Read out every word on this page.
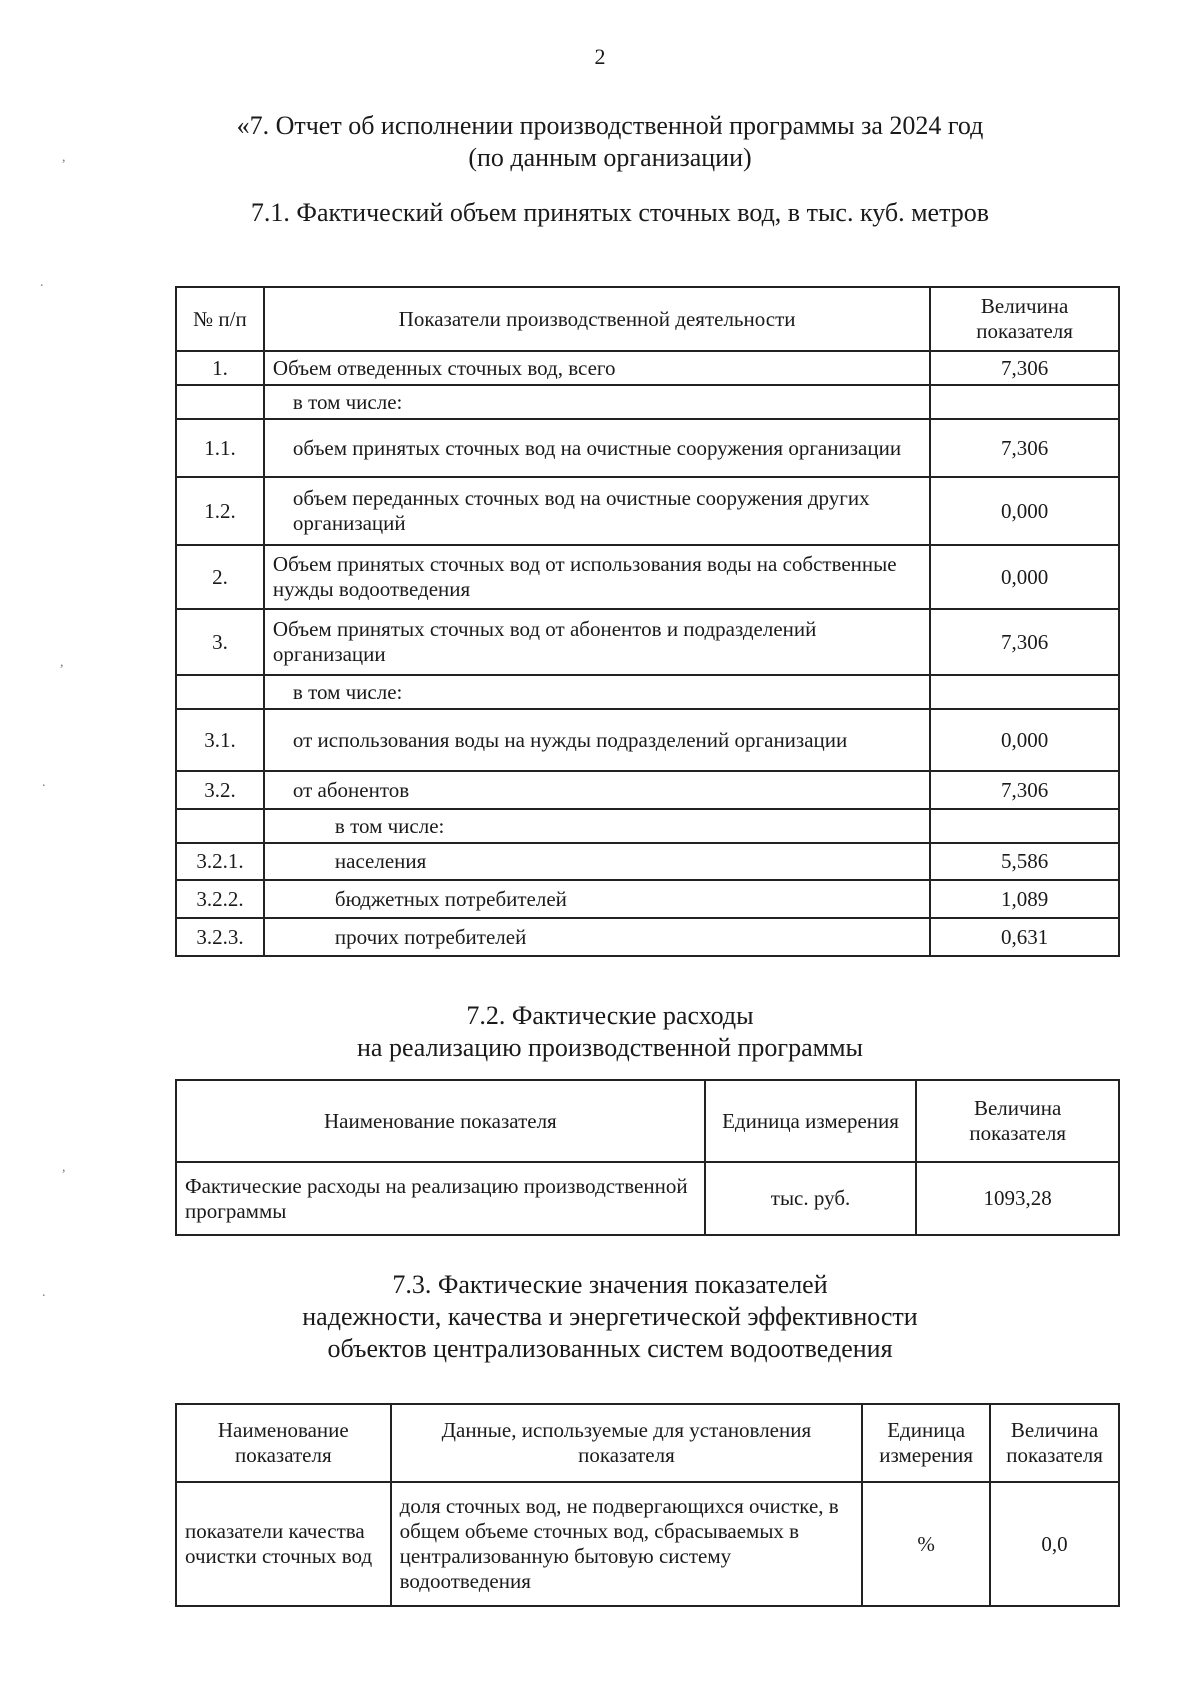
2
,
.
,
.
,
.
«7. Отчет об исполнении производственной программы за 2024 год
(по данным организации)
7.1. Фактический объем принятых сточных вод, в тыс. куб. метров
№ п/п	Показатели производственной деятельности	Величина показателя
1.	Объем отведенных сточных вод, всего	7,306
	в том числе:	
1.1.	объем принятых сточных вод на очистные сооружения организации	7,306
1.2.	объем переданных сточных вод на очистные сооружения других организаций	0,000
2.	Объем принятых сточных вод от использования воды на собственные нужды водоотведения	0,000
3.	Объем принятых сточных вод от абонентов и подразделений организации	7,306
	в том числе:	
3.1.	от использования воды на нужды подразделений организации	0,000
3.2.	от абонентов	7,306
	в том числе:	
3.2.1.	населения	5,586
3.2.2.	бюджетных потребителей	1,089
3.2.3.	прочих потребителей	0,631
7.2. Фактические расходы
на реализацию производственной программы
Наименование показателя	Единица измерения	Величина показателя
Фактические расходы на реализацию производственной программы	тыс. руб.	1093,28
7.3. Фактические значения показателей
надежности, качества и энергетической эффективности
объектов централизованных систем водоотведения
Наименование показателя	Данные, используемые для установления показателя	Единица измерения	Величина показателя
показатели качества очистки сточных вод	доля сточных вод, не подвергающихся очистке, в общем объеме сточных вод, сбрасываемых в централизованную бытовую систему водоотведения	%	0,0
